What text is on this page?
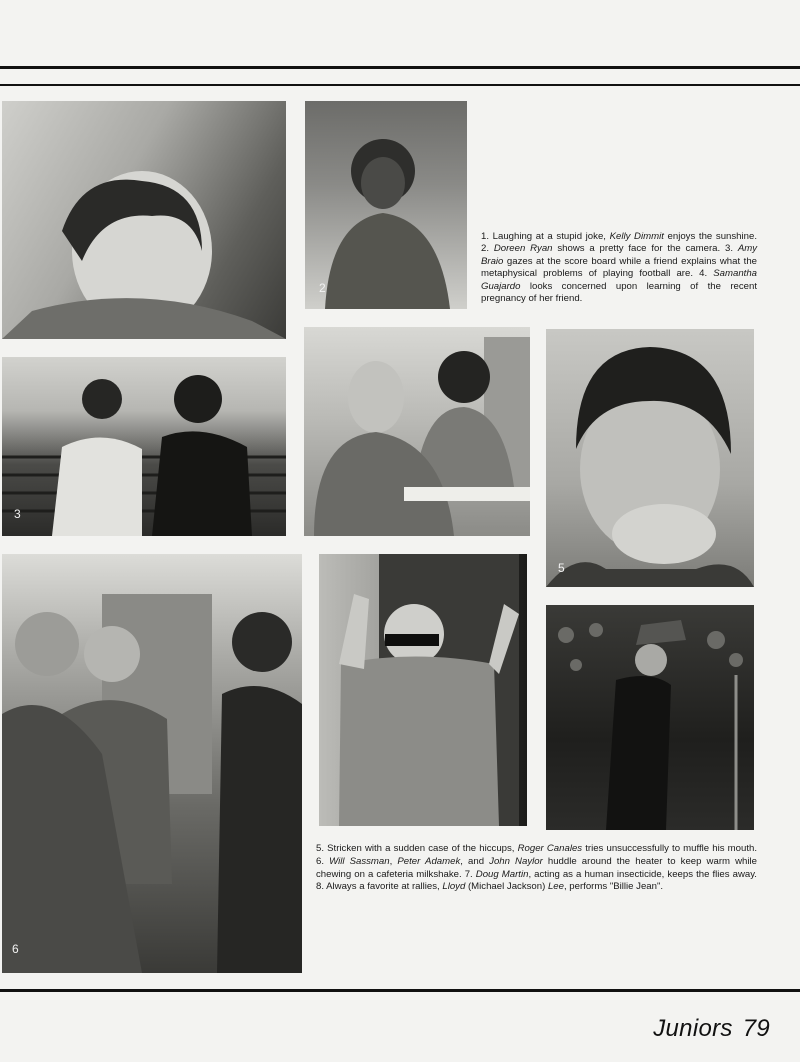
2
1. Laughing at a stupid joke, Kelly Dimmit enjoys the sunshine. 2. Doreen Ryan shows a pretty face for the camera. 3. Amy Braio gazes at the score board while a friend explains what the metaphysical problems of playing football are. 4. Samantha Guajardo looks concerned upon learning of the recent pregnancy of her friend.
3
5
6
5. Stricken with a sudden case of the hiccups, Roger Canales tries unsuccessfully to muffle his mouth. 6. Will Sassman, Peter Adamek, and John Naylor huddle around the heater to keep warm while chewing on a cafeteria milkshake. 7. Doug Martin, acting as a human insecticide, keeps the flies away. 8. Always a favorite at rallies, Lloyd (Michael Jackson) Lee, performs "Billie Jean".
Juniors 79
